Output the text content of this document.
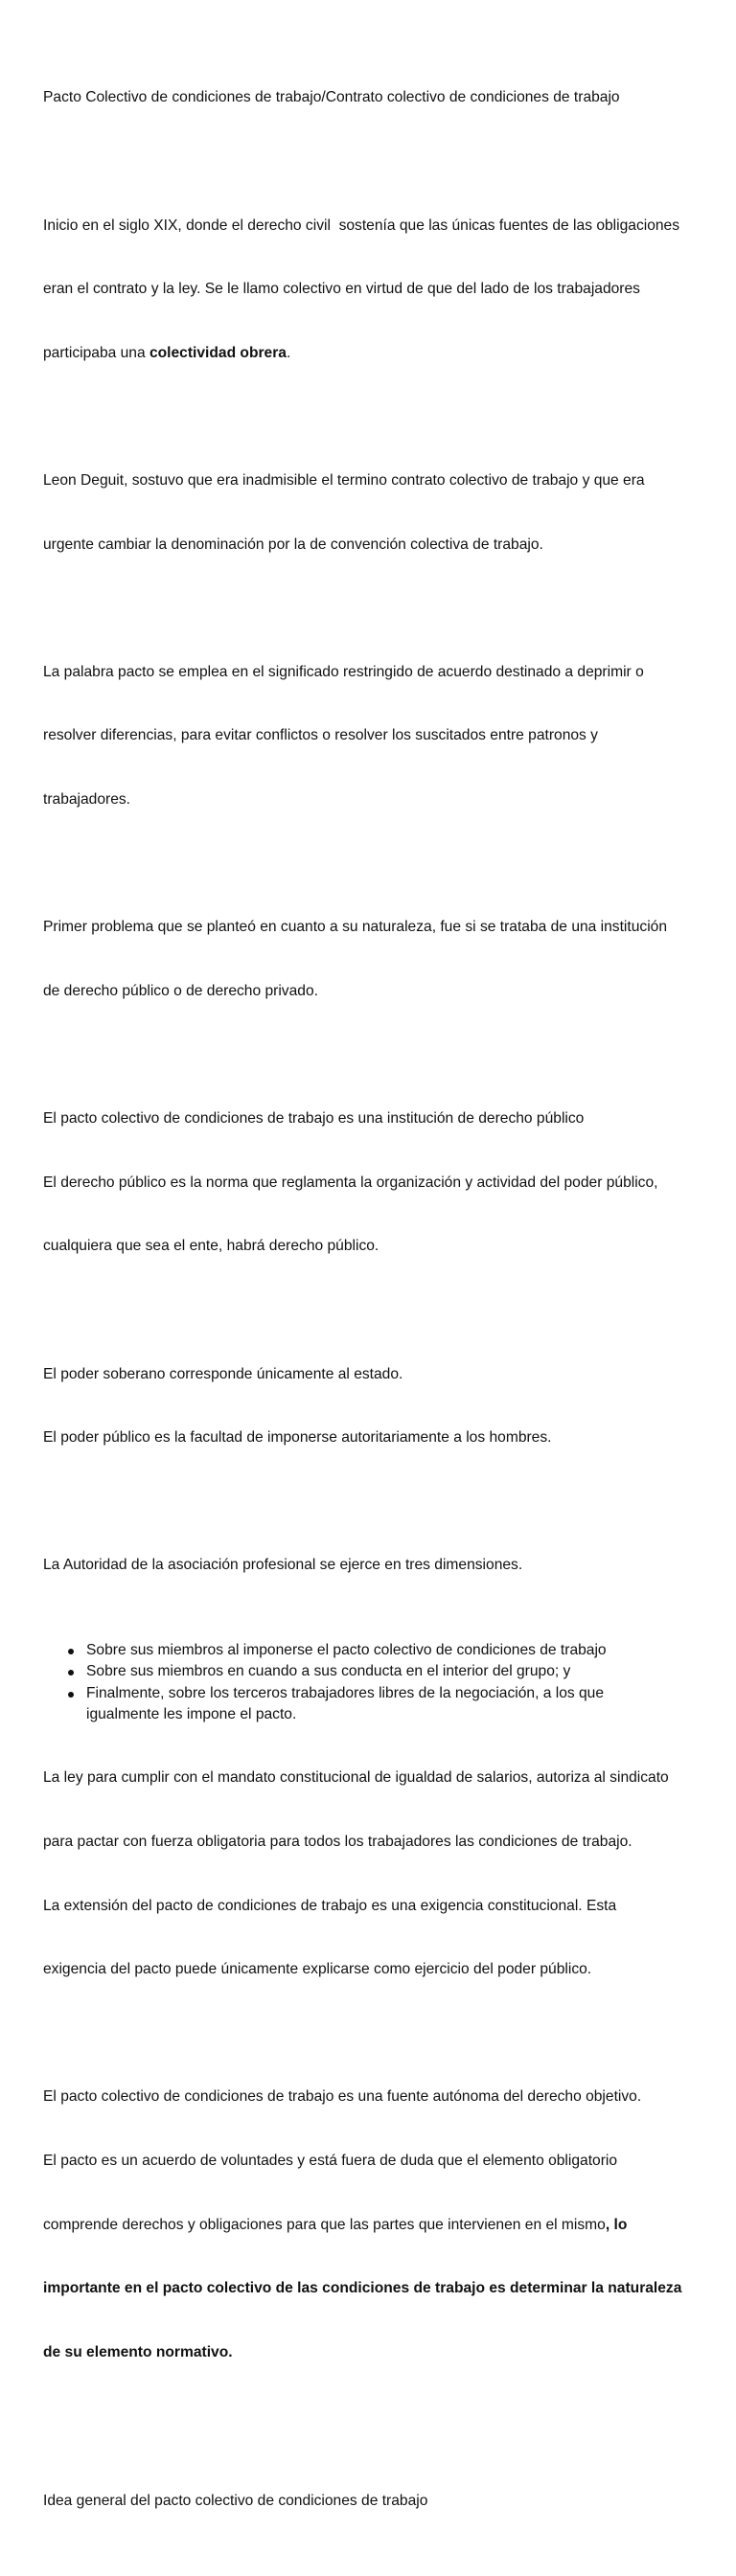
Pacto Colectivo de condiciones de trabajo/Contrato colectivo de condiciones de trabajo

Inicio en el siglo XIX, donde el derecho civil  sostenía que las únicas fuentes de las obligaciones

eran el contrato y la ley. Se le llamo colectivo en virtud de que del lado de los trabajadores

participaba una colectividad obrera.

Leon Deguit, sostuvo que era inadmisible el termino contrato colectivo de trabajo y que era

urgente cambiar la denominación por la de convención colectiva de trabajo.

La palabra pacto se emplea en el significado restringido de acuerdo destinado a deprimir o

resolver diferencias, para evitar conflictos o resolver los suscitados entre patronos y

trabajadores.

Primer problema que se planteó en cuanto a su naturaleza, fue si se trataba de una institución

de derecho público o de derecho privado.

El pacto colectivo de condiciones de trabajo es una institución de derecho público

El derecho público es la norma que reglamenta la organización y actividad del poder público,

cualquiera que sea el ente, habrá derecho público.

El poder soberano corresponde únicamente al estado.

El poder público es la facultad de imponerse autoritariamente a los hombres.

La Autoridad de la asociación profesional se ejerce en tres dimensiones.

Sobre sus miembros al imponerse el pacto colectivo de condiciones de trabajo
Sobre sus miembros en cuando a sus conducta en el interior del grupo; y
Finalmente, sobre los terceros trabajadores libres de la negociación, a los que
igualmente les impone el pacto.

La ley para cumplir con el mandato constitucional de igualdad de salarios, autoriza al sindicato

para pactar con fuerza obligatoria para todos los trabajadores las condiciones de trabajo.

La extensión del pacto de condiciones de trabajo es una exigencia constitucional. Esta

exigencia del pacto puede únicamente explicarse como ejercicio del poder público.

El pacto colectivo de condiciones de trabajo es una fuente autónoma del derecho objetivo.

El pacto es un acuerdo de voluntades y está fuera de duda que el elemento obligatorio

comprende derechos y obligaciones para que las partes que intervienen en el mismo, lo

importante en el pacto colectivo de las condiciones de trabajo es determinar la naturaleza

de su elemento normativo.

Idea general del pacto colectivo de condiciones de trabajo
